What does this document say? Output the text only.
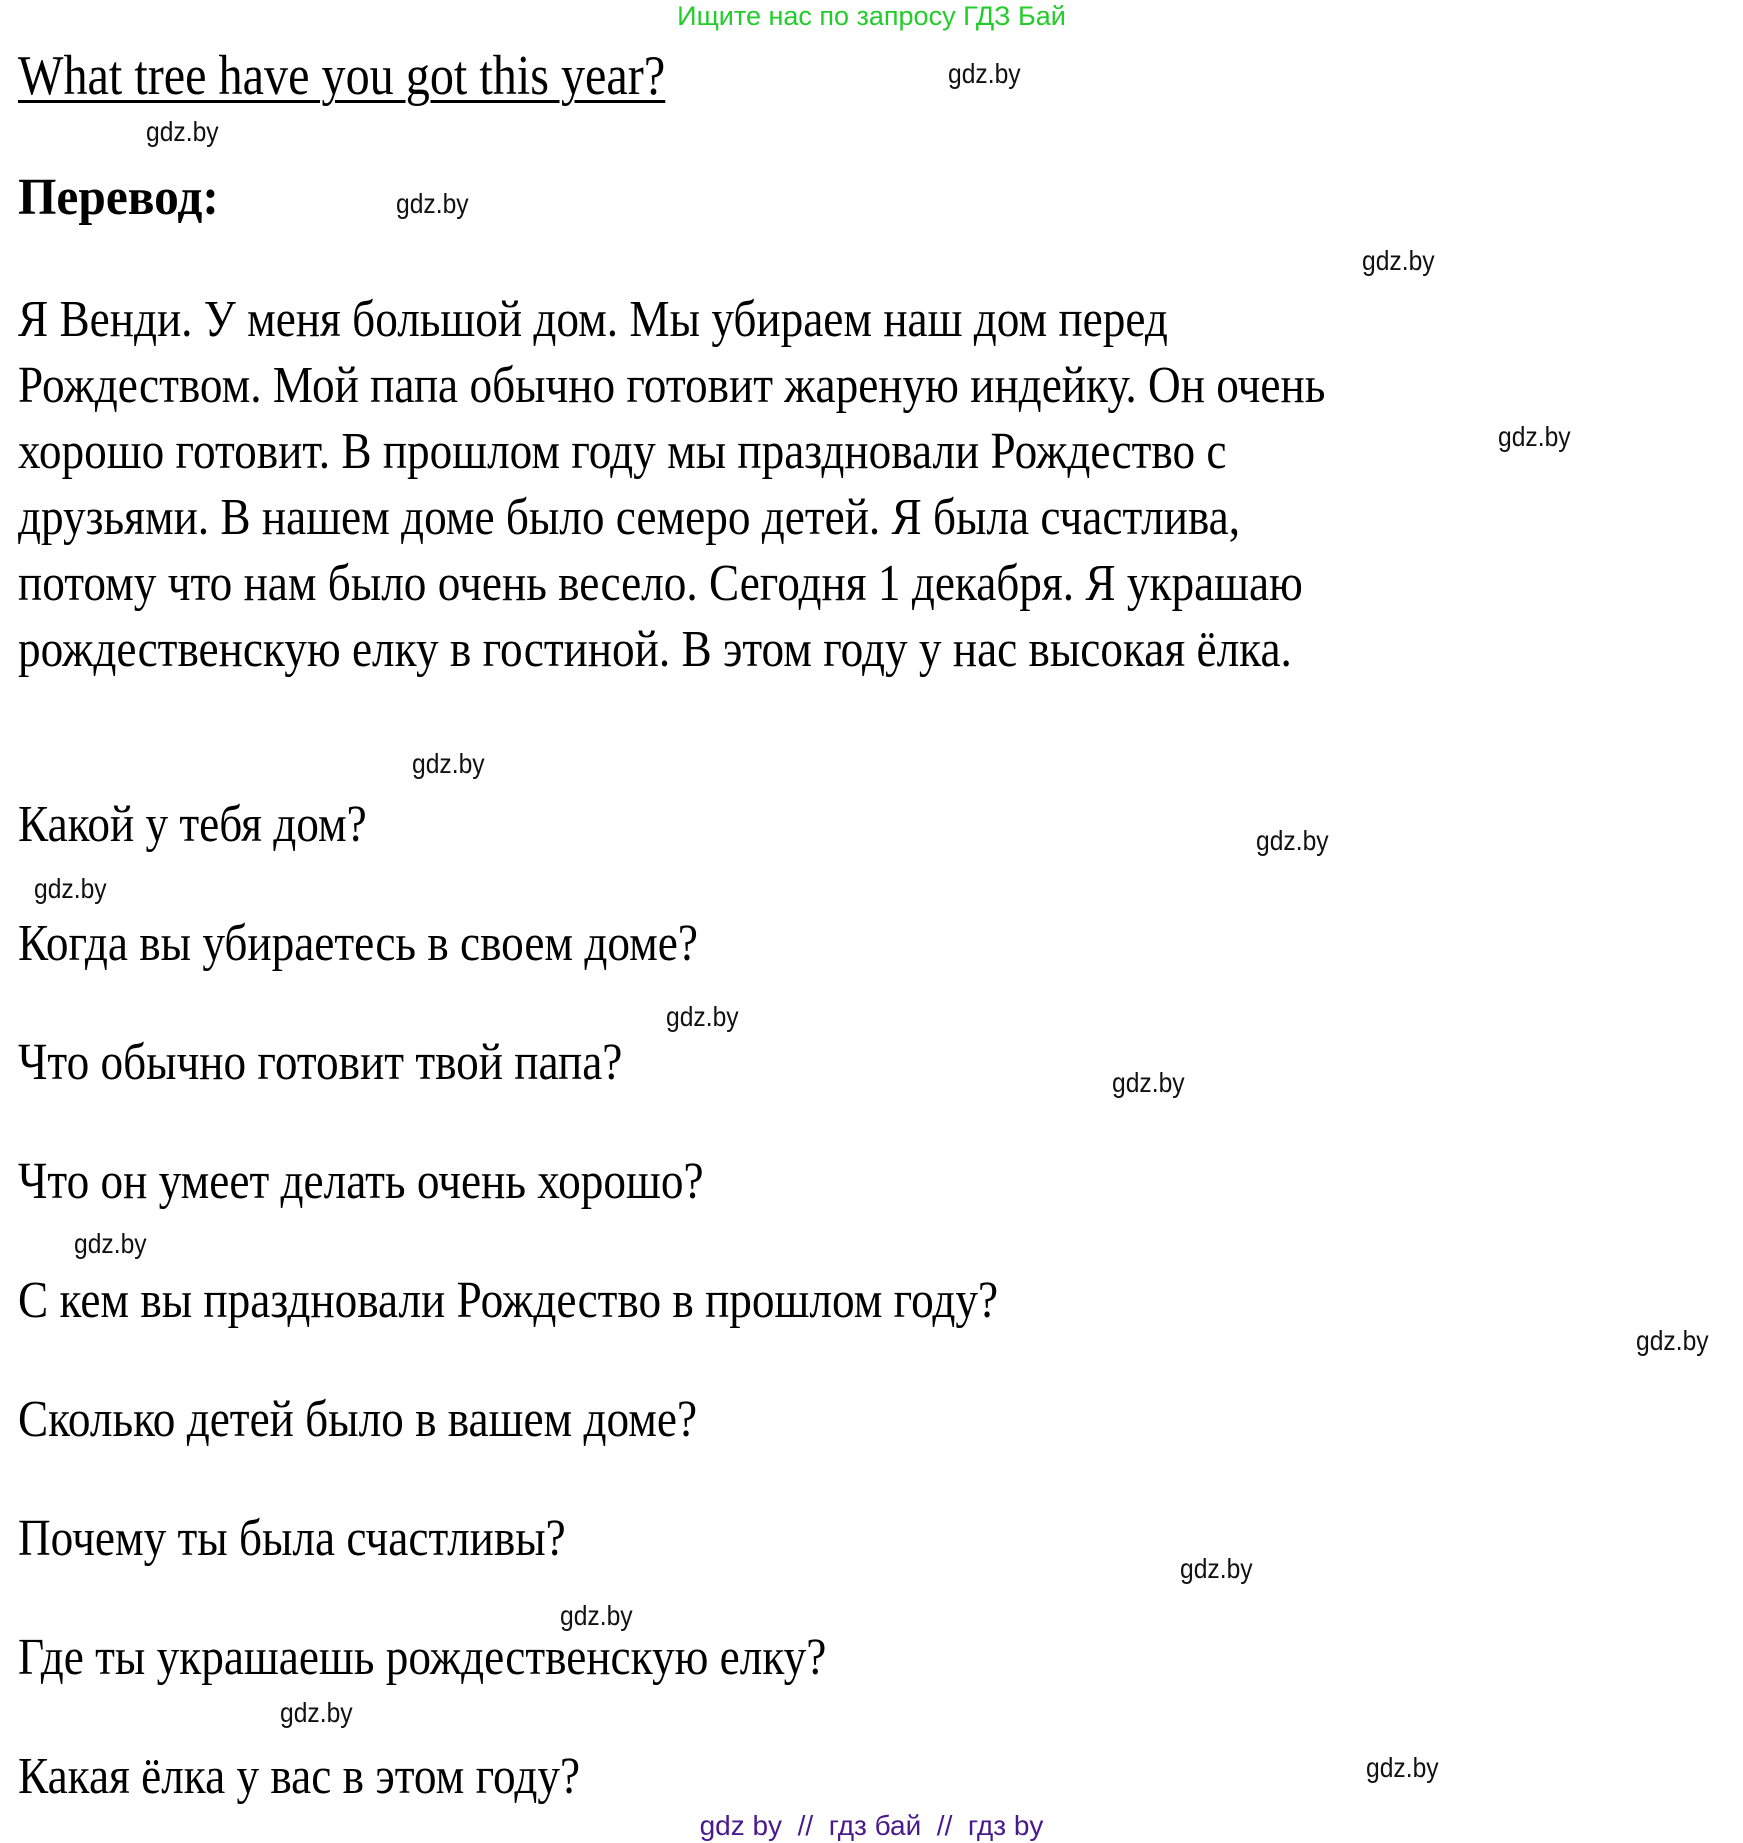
Ищите нас по запросу ГДЗ Бай
What tree have you got this year?
Перевод:
Я Венди. У меня большой дом. Мы убираем наш дом перед
Рождеством. Мой папа обычно готовит жареную индейку. Он очень
хорошо готовит. В прошлом году мы праздновали Рождество с
друзьями. В нашем доме было семеро детей. Я была счастлива,
потому что нам было очень весело. Сегодня 1 декабря. Я украшаю
рождественскую елку в гостиной. В этом году у нас высокая ёлка.
Какой у тебя дом?
Когда вы убираетесь в своем доме?
Что обычно готовит твой папа?
Что он умеет делать очень хорошо?
С кем вы праздновали Рождество в прошлом году?
Сколько детей было в вашем доме?
Почему ты была счастливы?
Где ты украшаешь рождественскую елку?
Какая ёлка у вас в этом году?
gdz.by
gdz.by
gdz.by
gdz.by
gdz.by
gdz.by
gdz.by
gdz.by
gdz.by
gdz.by
gdz.by
gdz.by
gdz.by
gdz.by
gdz.by
gdz.by
gdz by  //  гдз бай  //  гдз by
